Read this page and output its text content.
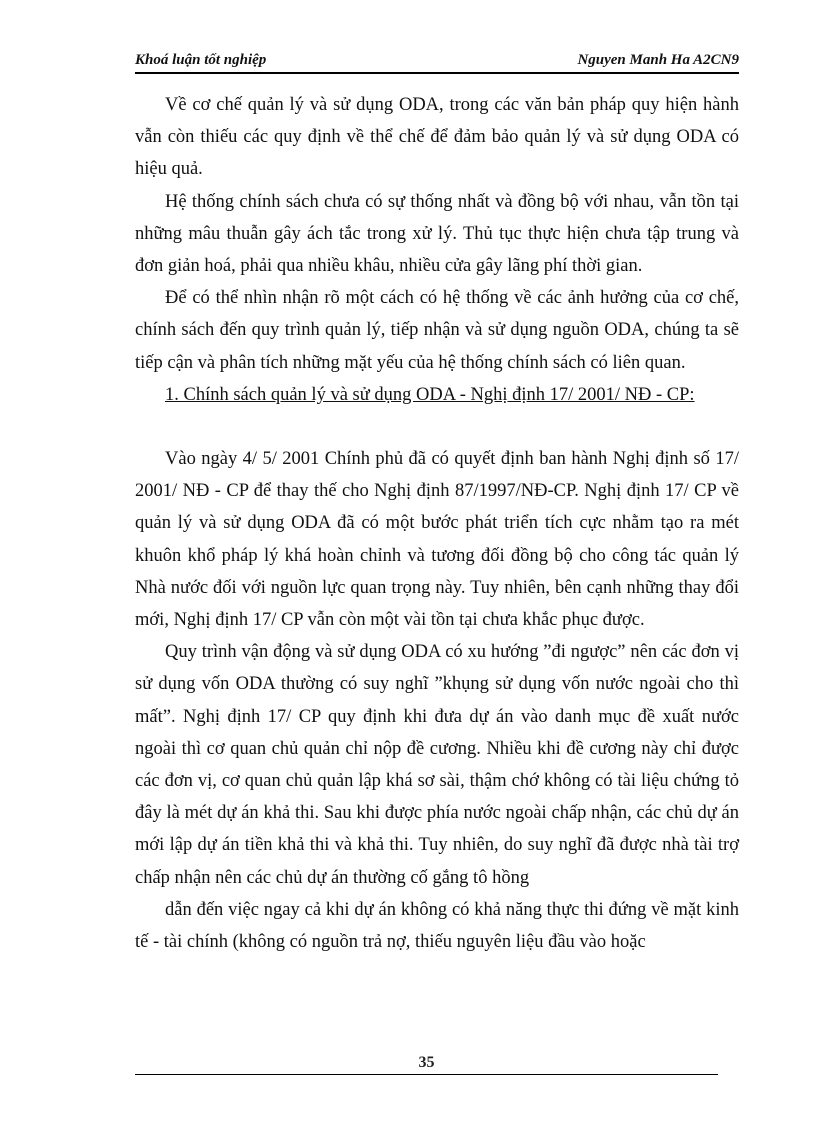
Khoá luận tốt nghiệp	Nguyen Manh Ha A2CN9

Về cơ chế quản lý và sử dụng ODA, trong các văn bản pháp quy hiện hành vẫn còn thiếu các quy định về thể chế để đảm bảo quản lý và sử dụng ODA có hiệu quả.

Hệ thống chính sách chưa có sự thống nhất và đồng bộ với nhau, vẫn tồn tại những mâu thuẫn gây ách tắc trong xử lý. Thủ tục thực hiện chưa tập trung và đơn giản hoá, phải qua nhiều khâu, nhiều cửa gây lãng phí thời gian.

Để có thể nhìn nhận rõ một cách có hệ thống về các ảnh hưởng của cơ chế, chính sách đến quy trình quản lý, tiếp nhận và sử dụng nguồn ODA, chúng ta sẽ tiếp cận và phân tích những mặt yếu của hệ thống chính sách có liên quan.

1. Chính sách quản lý và sử dụng ODA - Nghị định 17/ 2001/ NĐ - CP:

Vào ngày 4/ 5/ 2001 Chính phủ đã có quyết định ban hành Nghị định số 17/ 2001/ NĐ - CP để thay thế cho Nghị định 87/1997/NĐ-CP. Nghị định 17/ CP về quản lý và sử dụng ODA đã có một bước phát triển tích cực nhằm tạo ra mét khuôn khổ pháp lý khá hoàn chỉnh và tương đối đồng bộ cho công tác quản lý Nhà nước đối với nguồn lực quan trọng này. Tuy nhiên, bên cạnh những thay đổi mới, Nghị định 17/ CP vẫn còn một vài tồn tại chưa khắc phục được.

Quy trình vận động và sử dụng ODA có xu hướng ”đi ngược” nên các đơn vị sử dụng vốn ODA thường có suy nghĩ ”khụng sử dụng vốn nước ngoài cho thì mất”. Nghị định 17/ CP quy định khi đưa dự án vào danh mục đề xuất nước ngoài thì cơ quan chủ quản chỉ nộp đề cương. Nhiều khi đề cương này chỉ được các đơn vị, cơ quan chủ quản lập khá sơ sài, thậm chớ không có tài liệu chứng tỏ đây là mét dự án khả thi. Sau khi được phía nước ngoài chấp nhận, các chủ dự án mới lập dự án tiền khả thi và khả thi. Tuy nhiên, do suy nghĩ đã được nhà tài trợ chấp nhận nên các chủ dự án thường cố gắng tô hồng

dẫn đến việc ngay cả khi dự án không có khả năng thực thi đứng về mặt kinh tế - tài chính (không có nguồn trả nợ, thiếu nguyên liệu đầu vào hoặc

35
